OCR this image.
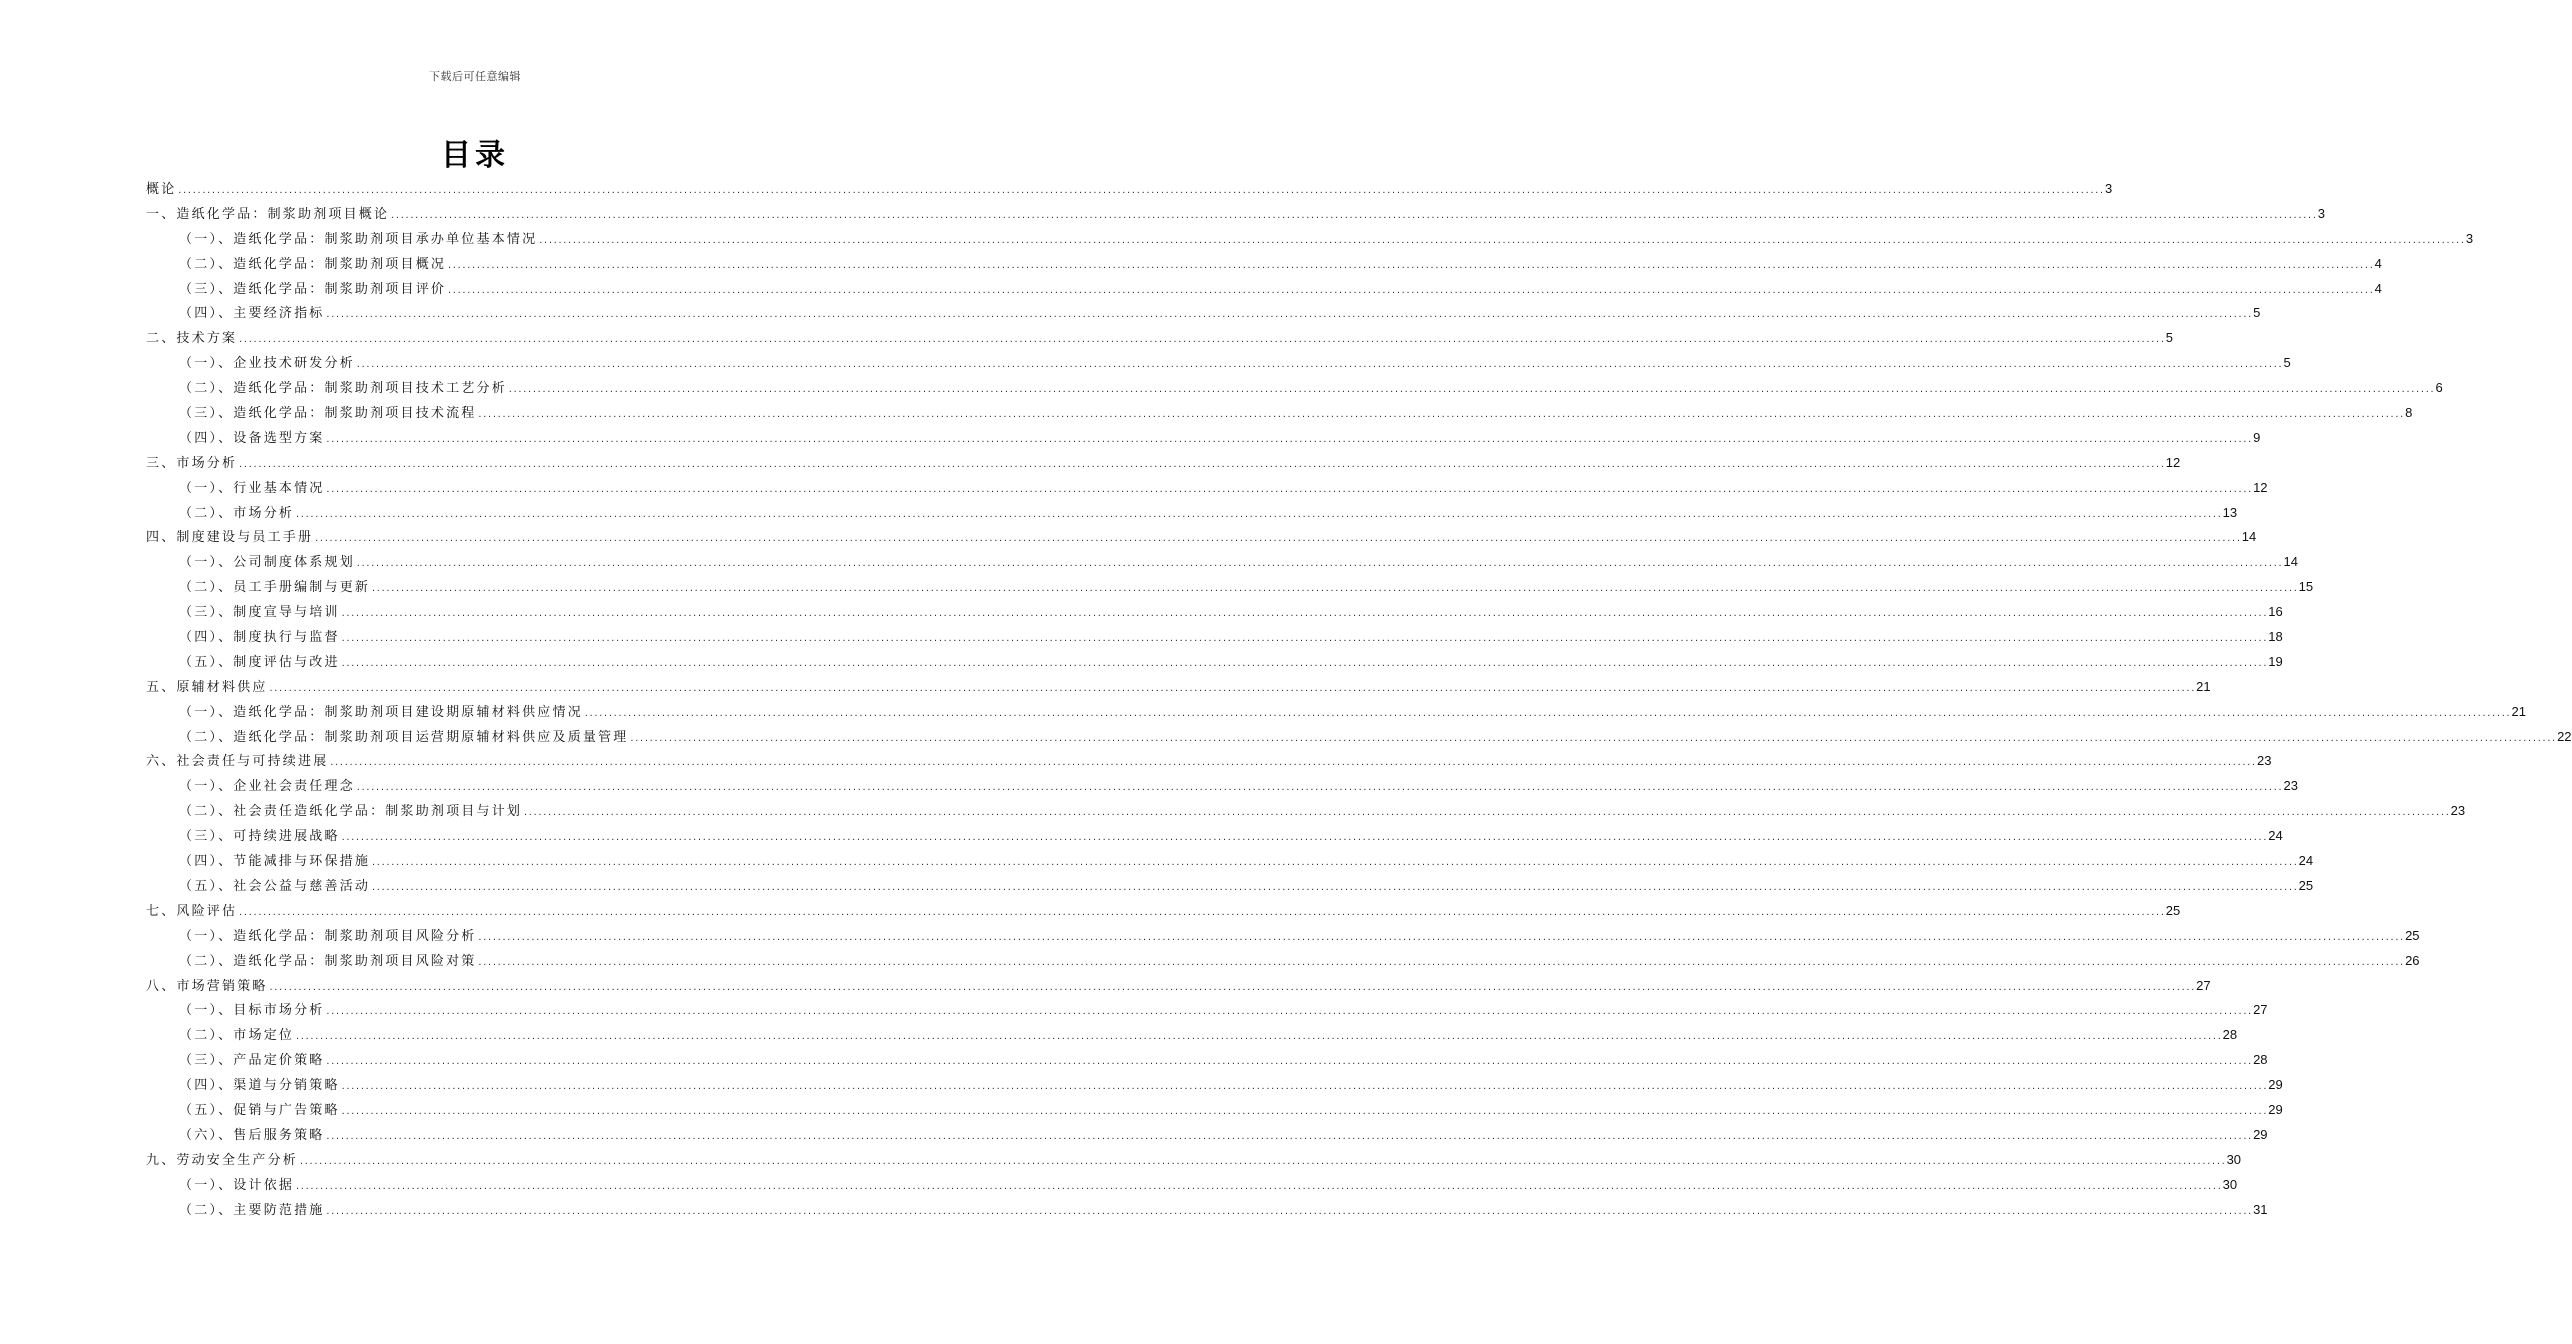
下载后可任意编辑
目录
概论 ................................................................................................................................................................................................................................................................................................................................................................................................................ 3
一、造纸化学品：制浆助剂项目概论 ................................................................................................................................................................................................................................................................................................................................................................................................................ 3
（一）、造纸化学品：制浆助剂项目承办单位基本情况 ................................................................................................................................................................................................................................................................................................................................................................................................................ 3
（二）、造纸化学品：制浆助剂项目概况 ................................................................................................................................................................................................................................................................................................................................................................................................................ 4
（三）、造纸化学品：制浆助剂项目评价 ................................................................................................................................................................................................................................................................................................................................................................................................................ 4
（四）、主要经济指标 ................................................................................................................................................................................................................................................................................................................................................................................................................ 5
二、技术方案 ................................................................................................................................................................................................................................................................................................................................................................................................................ 5
（一）、企业技术研发分析 ................................................................................................................................................................................................................................................................................................................................................................................................................ 5
（二）、造纸化学品：制浆助剂项目技术工艺分析 ................................................................................................................................................................................................................................................................................................................................................................................................................ 6
（三）、造纸化学品：制浆助剂项目技术流程 ................................................................................................................................................................................................................................................................................................................................................................................................................ 8
（四）、设备选型方案 ................................................................................................................................................................................................................................................................................................................................................................................................................ 9
三、市场分析 ................................................................................................................................................................................................................................................................................................................................................................................................................ 12
（一）、行业基本情况 ................................................................................................................................................................................................................................................................................................................................................................................................................ 12
（二）、市场分析 ................................................................................................................................................................................................................................................................................................................................................................................................................ 13
四、制度建设与员工手册 ................................................................................................................................................................................................................................................................................................................................................................................................................ 14
（一）、公司制度体系规划 ................................................................................................................................................................................................................................................................................................................................................................................................................ 14
（二）、员工手册编制与更新 ................................................................................................................................................................................................................................................................................................................................................................................................................ 15
（三）、制度宣导与培训 ................................................................................................................................................................................................................................................................................................................................................................................................................ 16
（四）、制度执行与监督 ................................................................................................................................................................................................................................................................................................................................................................................................................ 18
（五）、制度评估与改进 ................................................................................................................................................................................................................................................................................................................................................................................................................ 19
五、原辅材料供应 ................................................................................................................................................................................................................................................................................................................................................................................................................ 21
（一）、造纸化学品：制浆助剂项目建设期原辅材料供应情况 ................................................................................................................................................................................................................................................................................................................................................................................................................ 21
（二）、造纸化学品：制浆助剂项目运营期原辅材料供应及质量管理 ................................................................................................................................................................................................................................................................................................................................................................................................................ 22
六、社会责任与可持续进展 ................................................................................................................................................................................................................................................................................................................................................................................................................ 23
（一）、企业社会责任理念 ................................................................................................................................................................................................................................................................................................................................................................................................................ 23
（二）、社会责任造纸化学品：制浆助剂项目与计划 ................................................................................................................................................................................................................................................................................................................................................................................................................ 23
（三）、可持续进展战略 ................................................................................................................................................................................................................................................................................................................................................................................................................ 24
（四）、节能减排与环保措施 ................................................................................................................................................................................................................................................................................................................................................................................................................ 24
（五）、社会公益与慈善活动 ................................................................................................................................................................................................................................................................................................................................................................................................................ 25
七、风险评估 ................................................................................................................................................................................................................................................................................................................................................................................................................ 25
（一）、造纸化学品：制浆助剂项目风险分析 ................................................................................................................................................................................................................................................................................................................................................................................................................ 25
（二）、造纸化学品：制浆助剂项目风险对策 ................................................................................................................................................................................................................................................................................................................................................................................................................ 26
八、市场营销策略 ................................................................................................................................................................................................................................................................................................................................................................................................................ 27
（一）、目标市场分析 ................................................................................................................................................................................................................................................................................................................................................................................................................ 27
（二）、市场定位 ................................................................................................................................................................................................................................................................................................................................................................................................................ 28
（三）、产品定价策略 ................................................................................................................................................................................................................................................................................................................................................................................................................ 28
（四）、渠道与分销策略 ................................................................................................................................................................................................................................................................................................................................................................................................................ 29
（五）、促销与广告策略 ................................................................................................................................................................................................................................................................................................................................................................................................................ 29
（六）、售后服务策略 ................................................................................................................................................................................................................................................................................................................................................................................................................ 29
九、劳动安全生产分析 ................................................................................................................................................................................................................................................................................................................................................................................................................ 30
（一）、设计依据 ................................................................................................................................................................................................................................................................................................................................................................................................................ 30
（二）、主要防范措施 ................................................................................................................................................................................................................................................................................................................................................................................................................ 31
